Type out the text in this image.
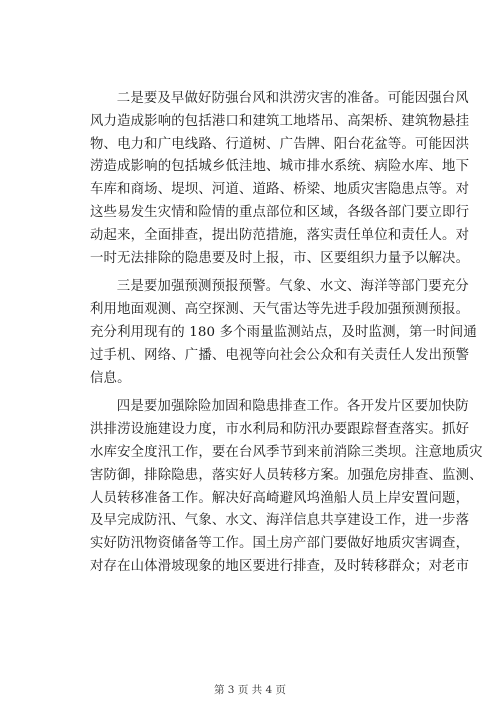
二是要及早做好防强台风和洪涝灾害的准备。可能因强台风
风力造成影响的包括港口和建筑工地塔吊、高架桥、建筑物悬挂
物、电力和广电线路、行道树、广告牌、阳台花盆等。可能因洪
涝造成影响的包括城乡低洼地、城市排水系统、病险水库、地下
车库和商场、堤坝、河道、道路、桥梁、地质灾害隐患点等。对
这些易发生灾情和险情的重点部位和区域，各级各部门要立即行
动起来，全面排查，提出防范措施，落实责任单位和责任人。对
一时无法排除的隐患要及时上报，市、区要组织力量予以解决。
三是要加强预测预报预警。气象、水文、海洋等部门要充分
利用地面观测、高空探测、天气雷达等先进手段加强预测预报。
充分利用现有的 180 多个雨量监测站点，及时监测，第一时间通
过手机、网络、广播、电视等向社会公众和有关责任人发出预警
信息。
四是要加强除险加固和隐患排查工作。各开发片区要加快防
洪排涝设施建设力度，市水利局和防汛办要跟踪督查落实。抓好
水库安全度汛工作，要在台风季节到来前消除三类坝。注意地质灾
害防御，排除隐患，落实好人员转移方案。加强危房排查、监测、
人员转移准备工作。解决好高崎避风坞渔船人员上岸安置问题，
及早完成防汛、气象、水文、海洋信息共享建设工作，进一步落
实好防汛物资储备等工作。国土房产部门要做好地质灾害调查，
对存在山体滑坡现象的地区要进行排查，及时转移群众；对老市
第 3 页 共 4 页
